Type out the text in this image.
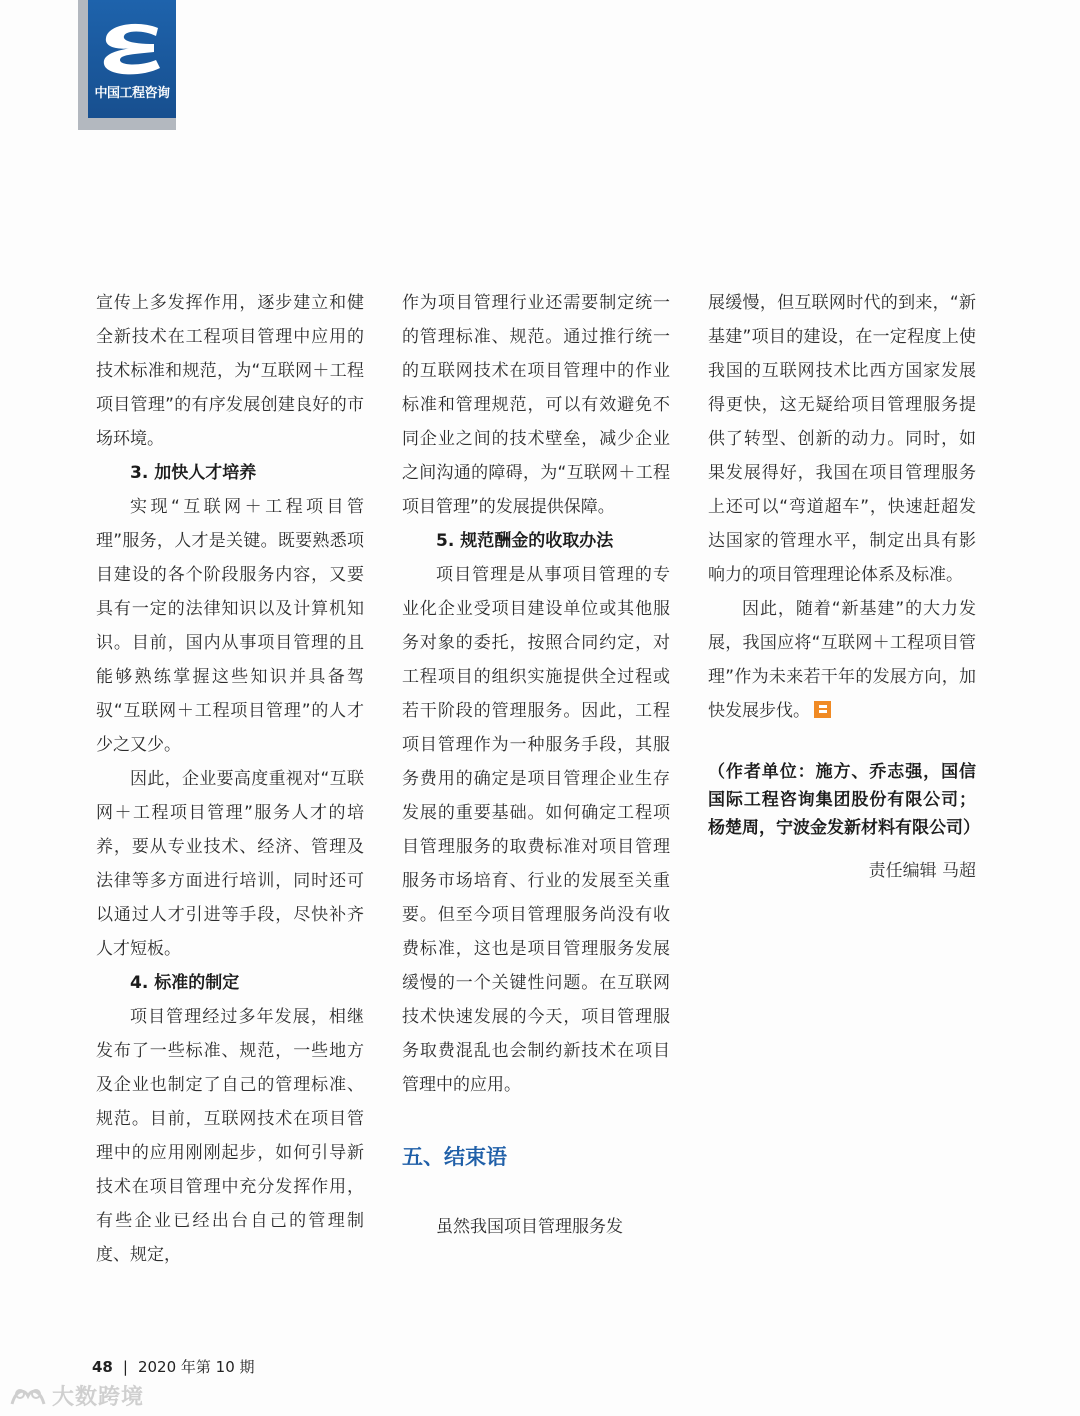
中国工程咨询

宣传上多发挥作用，逐步建立和健全新技术在工程项目管理中应用的技术标准和规范，为“互联网＋工程项目管理”的有序发展创建良好的市场环境。

3. 加快人才培养

实现“互联网＋工程项目管理”服务，人才是关键。既要熟悉项目建设的各个阶段服务内容，又要具有一定的法律知识以及计算机知识。目前，国内从事项目管理的且能够熟练掌握这些知识并具备驾驭“互联网＋工程项目管理”的人才少之又少。

因此，企业要高度重视对“互联网＋工程项目管理”服务人才的培养，要从专业技术、经济、管理及法律等多方面进行培训，同时还可以通过人才引进等手段，尽快补齐人才短板。

4. 标准的制定

项目管理经过多年发展，相继发布了一些标准、规范，一些地方及企业也制定了自己的管理标准、规范。目前，互联网技术在项目管理中的应用刚刚起步，如何引导新技术在项目管理中充分发挥作用，有些企业已经出台自己的管理制度、规定，

作为项目管理行业还需要制定统一的管理标准、规范。通过推行统一的互联网技术在项目管理中的作业标准和管理规范，可以有效避免不同企业之间的技术壁垒，减少企业之间沟通的障碍，为“互联网＋工程项目管理”的发展提供保障。

5. 规范酬金的收取办法

项目管理是从事项目管理的专业化企业受项目建设单位或其他服务对象的委托，按照合同约定，对工程项目的组织实施提供全过程或若干阶段的管理服务。因此，工程项目管理作为一种服务手段，其服务费用的确定是项目管理企业生存发展的重要基础。如何确定工程项目管理服务的取费标准对项目管理服务市场培育、行业的发展至关重要。但至今项目管理服务尚没有收费标准，这也是项目管理服务发展缓慢的一个关键性问题。在互联网技术快速发展的今天，项目管理服务取费混乱也会制约新技术在项目管理中的应用。

五、结束语

虽然我国项目管理服务发

展缓慢，但互联网时代的到来，“新基建”项目的建设，在一定程度上使我国的互联网技术比西方国家发展得更快，这无疑给项目管理服务提供了转型、创新的动力。同时，如果发展得好，我国在项目管理服务上还可以“弯道超车”，快速赶超发达国家的管理水平，制定出具有影响力的项目管理理论体系及标准。

因此，随着“新基建”的大力发展，我国应将“互联网＋工程项目管理”作为未来若干年的发展方向，加快发展步伐。

（作者单位：施方、乔志强，国信国际工程咨询集团股份有限公司；杨楚周，宁波金发新材料有限公司）

责任编辑 马超
48 | 2020 年第 10 期
大数跨境
